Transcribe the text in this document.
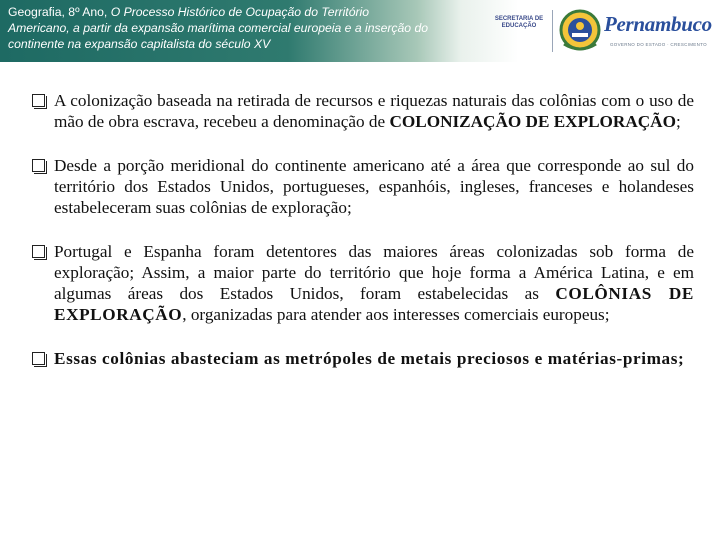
Geografia, 8º Ano, O Processo Histórico de Ocupação do Território Americano, a partir da expansão marítima comercial europeia e a inserção do continente na expansão capitalista do século XV
SECRETARIA DE EDUCAÇÃO	Pernambuco
GOVERNO DO ESTADO · CRESCIMENTO

A colonização baseada na retirada de recursos e riquezas naturais das colônias com o uso de mão de obra escrava, recebeu a denominação de COLONIZAÇÃO DE EXPLORAÇÃO;

Desde a porção meridional do continente americano até a área que corresponde ao sul do território dos Estados Unidos, portugueses, espanhóis, ingleses, franceses e holandeses estabeleceram suas colônias de exploração;

Portugal e Espanha foram detentores das maiores áreas colonizadas sob forma de exploração; Assim, a maior parte do território que hoje forma a América Latina, e em algumas áreas dos Estados Unidos, foram estabelecidas as COLÔNIAS DE EXPLORAÇÃO, organizadas para atender aos interesses comerciais europeus;

Essas colônias abasteciam as metrópoles de metais preciosos e matérias-primas;
